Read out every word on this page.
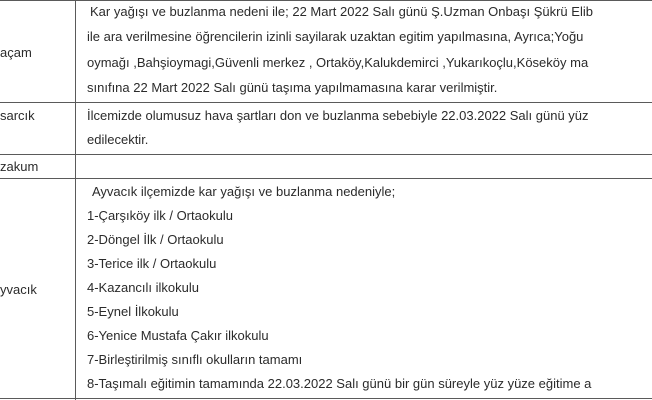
açam
Kar yağışı ve buzlanma nedeni ile; 22 Mart 2022 Salı günü Ş.Uzman Onbaşı Şükrü Elib
ile ara verilmesine öğrencilerin izinli sayilarak uzaktan egitim yapılmasına, Ayrıca;Yoğu
oymağı ,Bahşioymagi,Güvenli merkez , Ortaköy,Kalukdemirci ,Yukarıkoçlu,Köseköy ma
sınıfına 22 Mart 2022 Salı günü taşıma yapılmamasına karar verilmiştir.
sarcık	İlcemizde olumusuz hava şartları don ve buzlanma sebebiyle 22.03.2022 Salı günü yüz
edilecektir.
zakum
yvacık
Ayvacık ilçemizde kar yağışı ve buzlanma nedeniyle;
1-Çarşıköy ilk / Ortaokulu
2-Döngel İlk / Ortaokulu
3-Terice ilk / Ortaokulu
4-Kazancılı ilkokulu
5-Eynel İlkokulu
6-Yenice Mustafa Çakır ilkokulu
7-Birleştirilmiş sınıflı okulların tamamı
8-Taşımalı eğitimin tamamında 22.03.2022 Salı günü bir gün süreyle yüz yüze eğitime a
